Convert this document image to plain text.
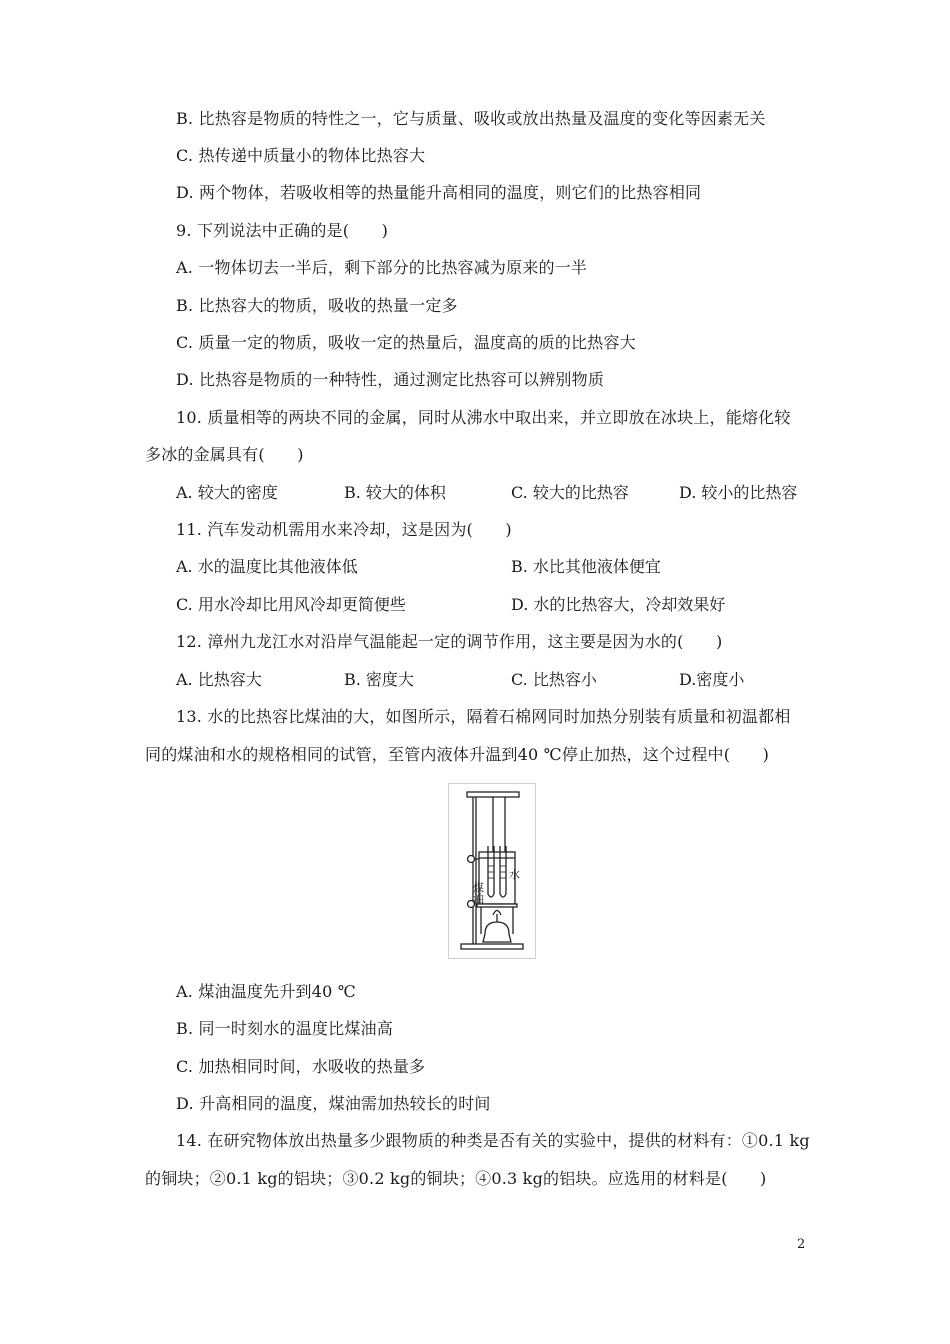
B. 比热容是物质的特性之一，它与质量、吸收或放出热量及温度的变化等因素无关
C. 热传递中质量小的物体比热容大
D. 两个物体，若吸收相等的热量能升高相同的温度，则它们的比热容相同
9. 下列说法中正确的是(　　)
A. 一物体切去一半后，剩下部分的比热容减为原来的一半
B. 比热容大的物质，吸收的热量一定多
C. 质量一定的物质，吸收一定的热量后，温度高的质的比热容大
D. 比热容是物质的一种特性，通过测定比热容可以辨别物质
10. 质量相等的两块不同的金属，同时从沸水中取出来，并立即放在冰块上，能熔化较
多冰的金属具有(　　)
A. 较大的密度	B. 较大的体积	C. 较大的比热容	D. 较小的比热容
11. 汽车发动机需用水来冷却，这是因为(　　)
A. 水的温度比其他液体低	B. 水比其他液体便宜
C. 用水冷却比用风冷却更简便些	D. 水的比热容大，冷却效果好
12. 漳州九龙江水对沿岸气温能起一定的调节作用，这主要是因为水的(　　)
A. 比热容大	B. 密度大	C. 比热容小	D.密度小
13. 水的比热容比煤油的大，如图所示，隔着石棉网同时加热分别装有质量和初温都相
同的煤油和水的规格相同的试管，至管内液体升温到40 ℃停止加热，这个过程中(　　)
煤油
水
A. 煤油温度先升到40 ℃
B. 同一时刻水的温度比煤油高
C. 加热相同时间，水吸收的热量多
D. 升高相同的温度，煤油需加热较长的时间
14. 在研究物体放出热量多少跟物质的种类是否有关的实验中，提供的材料有：①0.1 kg
的铜块；②0.1 kg的铝块；③0.2 kg的铜块；④0.3 kg的铝块。应选用的材料是(　　)
2
